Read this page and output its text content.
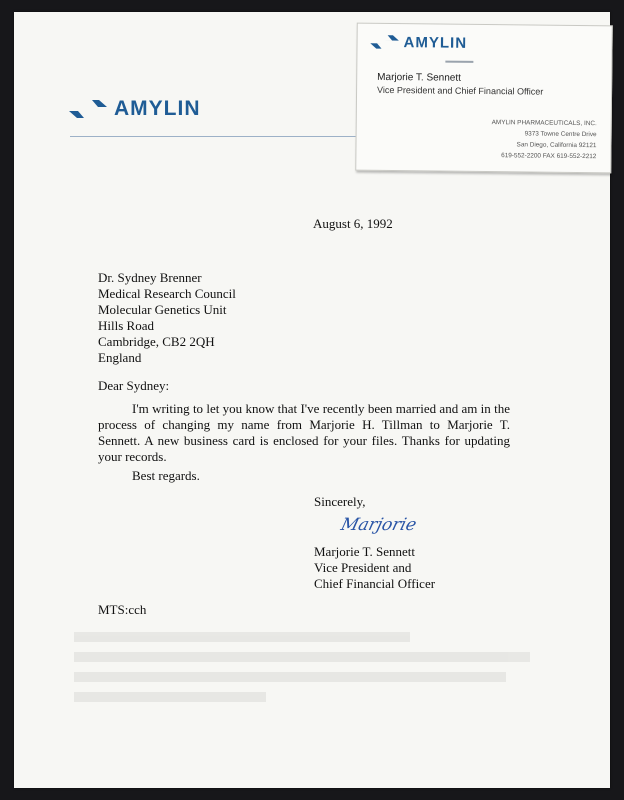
AMYLIN
AMYLIN
Marjorie T. Sennett
Vice President and Chief Financial Officer
AMYLIN PHARMACEUTICALS, INC.
9373 Towne Centre Drive
San Diego, California 92121
619-552-2200 FAX 619-552-2212
August 6, 1992
Dr. Sydney Brenner
Medical Research Council
Molecular Genetics Unit
Hills Road
Cambridge, CB2 2QH
England
Dear Sydney:
I'm writing to let you know that I've recently been married and am in the process of changing my name from Marjorie H. Tillman to Marjorie T. Sennett. A new business card is enclosed for your files. Thanks for updating your records.
Best regards.
Sincerely,
Marjorie
Marjorie T. Sennett
Vice President and
Chief Financial Officer
MTS:cch
